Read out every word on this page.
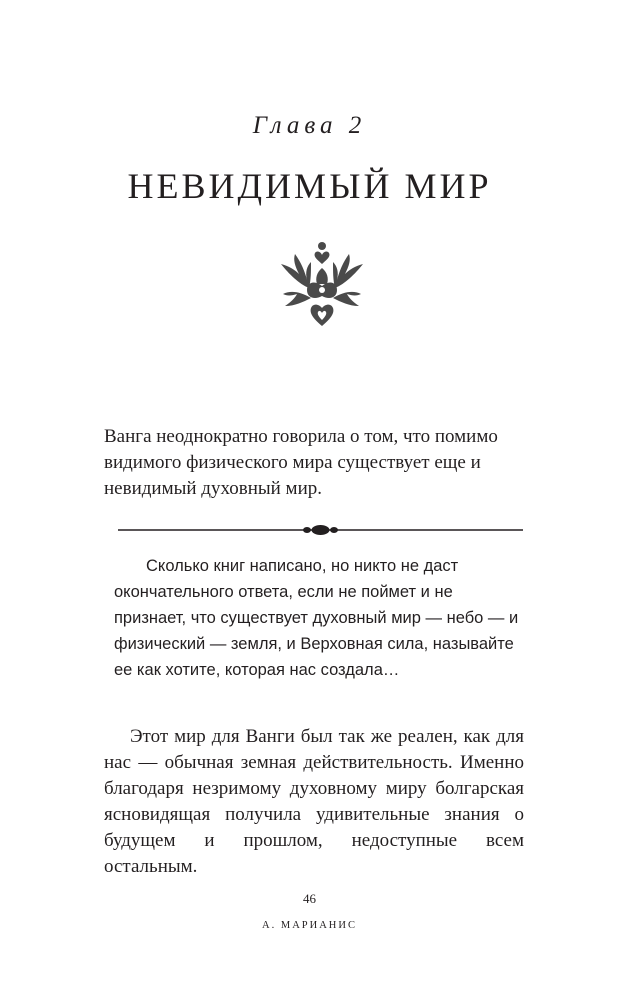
Глава 2
НЕВИДИМЫЙ МИР

Ванга неоднократно говорила о том, что помимо видимого физического мира существует еще и невидимый духовный мир.

Сколько книг написано, но никто не даст окончательного ответа, если не поймет и не признает, что существует духовный мир — небо — и физический — земля, и Верховная сила, называйте ее как хотите, которая нас создала…

Этот мир для Ванги был так же реален, как для нас — обычная земная действительность. Именно благодаря незримому духовному миру болгарская ясновидящая получила удивительные знания о будущем и прошлом, недоступные всем остальным.

46
А. МАРИАНИС
